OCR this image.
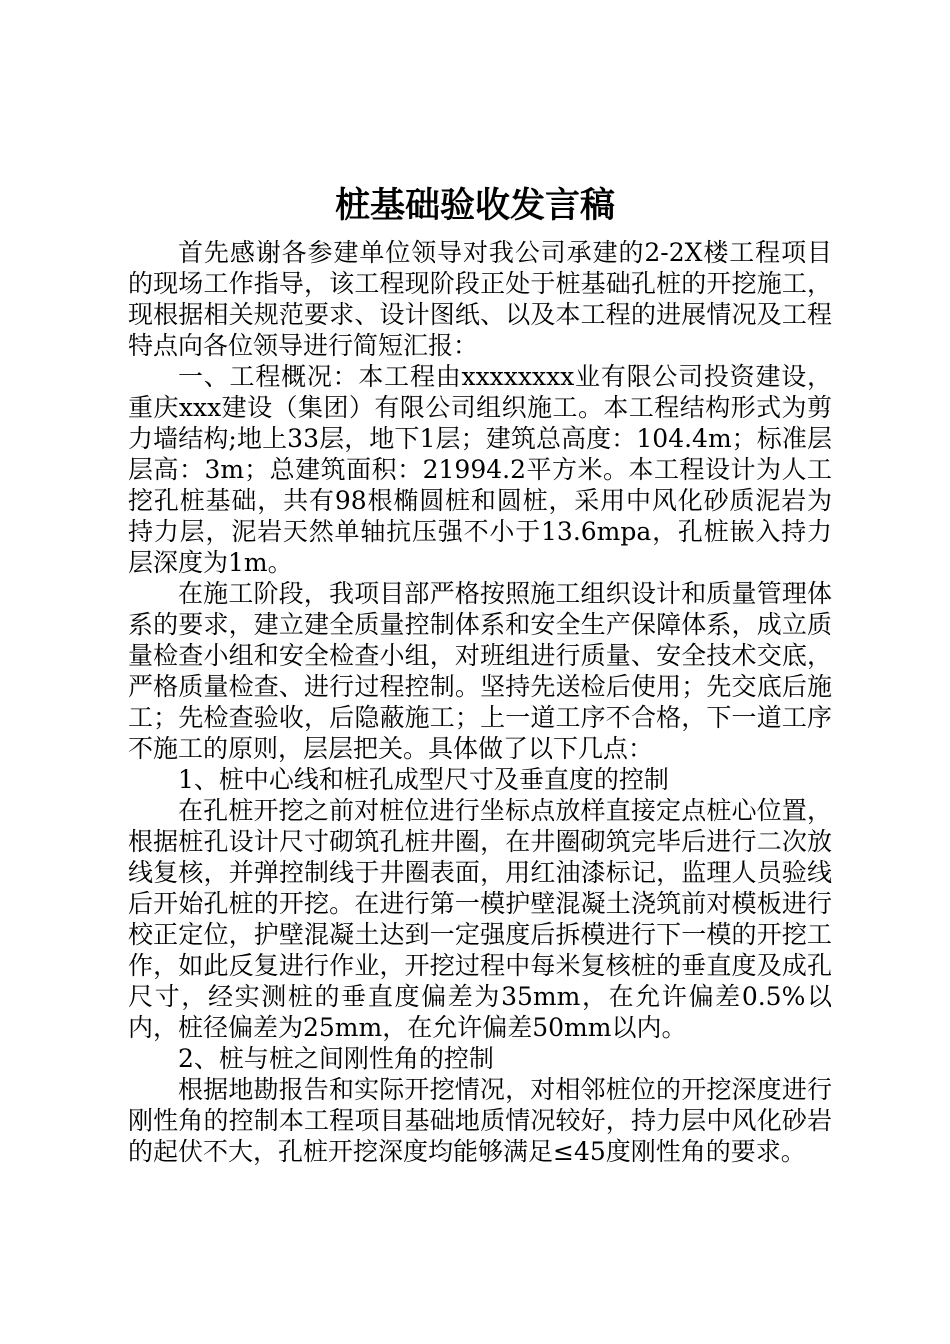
桩基础验收发言稿

首先感谢各参建单位领导对我公司承建的2-2X楼工程项目的现场工作指导，该工程现阶段正处于桩基础孔桩的开挖施工，现根据相关规范要求、设计图纸、以及本工程的进展情况及工程特点向各位领导进行简短汇报：

一、工程概况：本工程由xxxxxxxx业有限公司投资建设，重庆xxx建设（集团）有限公司组织施工。本工程结构形式为剪力墙结构;地上33层，地下1层；建筑总高度：104.4m；标准层层高：3m；总建筑面积：21994.2平方米。本工程设计为人工挖孔桩基础，共有98根椭圆桩和圆桩，采用中风化砂质泥岩为持力层，泥岩天然单轴抗压强不小于13.6mpa，孔桩嵌入持力层深度为1m。

在施工阶段，我项目部严格按照施工组织设计和质量管理体系的要求，建立建全质量控制体系和安全生产保障体系，成立质量检查小组和安全检查小组，对班组进行质量、安全技术交底，严格质量检查、进行过程控制。坚持先送检后使用；先交底后施工；先检查验收，后隐蔽施工；上一道工序不合格，下一道工序不施工的原则，层层把关。具体做了以下几点：

1、桩中心线和桩孔成型尺寸及垂直度的控制

在孔桩开挖之前对桩位进行坐标点放样直接定点桩心位置，根据桩孔设计尺寸砌筑孔桩井圈，在井圈砌筑完毕后进行二次放线复核，并弹控制线于井圈表面，用红油漆标记，监理人员验线后开始孔桩的开挖。在进行第一模护壁混凝土浇筑前对模板进行校正定位，护壁混凝土达到一定强度后拆模进行下一模的开挖工作，如此反复进行作业，开挖过程中每米复核桩的垂直度及成孔尺寸，经实测桩的垂直度偏差为35mm，在允许偏差0.5%以内，桩径偏差为25mm，在允许偏差50mm以内。

2、桩与桩之间刚性角的控制

根据地勘报告和实际开挖情况，对相邻桩位的开挖深度进行刚性角的控制本工程项目基础地质情况较好，持力层中风化砂岩的起伏不大，孔桩开挖深度均能够满足≤45度刚性角的要求。
